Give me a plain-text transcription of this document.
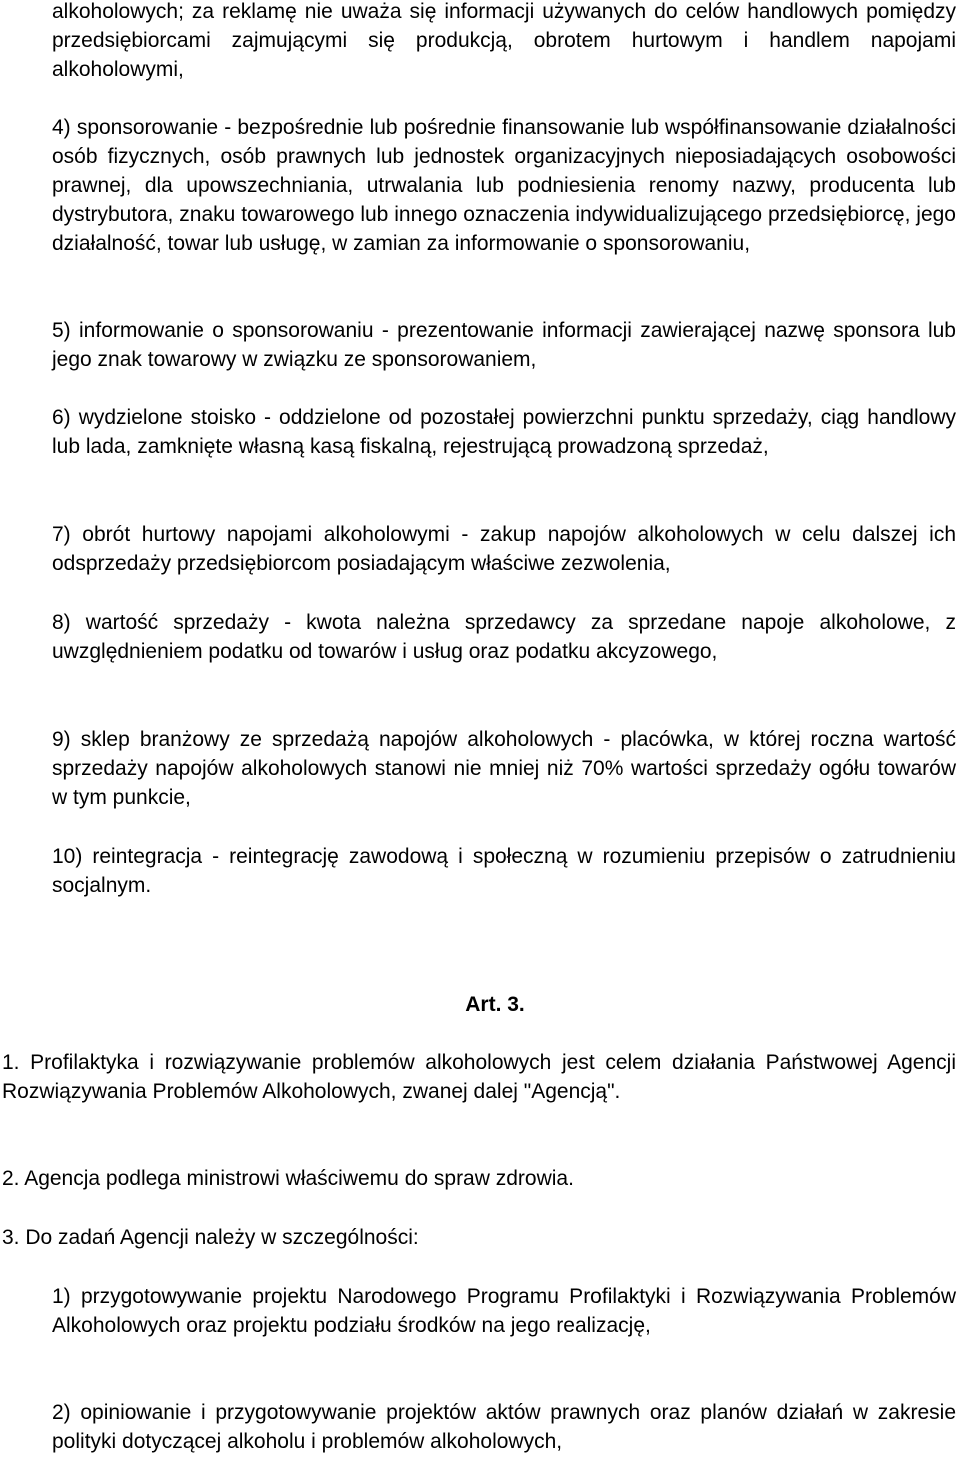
alkoholowych; za reklamę nie uważa się informacji używanych do celów handlowych pomiędzy przedsiębiorcami zajmującymi się produkcją, obrotem hurtowym i handlem napojami alkoholowymi,

4) sponsorowanie - bezpośrednie lub pośrednie finansowanie lub współfinansowanie działalności osób fizycznych, osób prawnych lub jednostek organizacyjnych nieposiadających osobowości prawnej, dla upowszechniania, utrwalania lub podniesienia renomy nazwy, producenta lub dystrybutora, znaku towarowego lub innego oznaczenia indywidualizującego przedsiębiorcę, jego działalność, towar lub usługę, w zamian za informowanie o sponsorowaniu,

5) informowanie o sponsorowaniu - prezentowanie informacji zawierającej nazwę sponsora lub jego znak towarowy w związku ze sponsorowaniem,

6) wydzielone stoisko - oddzielone od pozostałej powierzchni punktu sprzedaży, ciąg handlowy lub lada, zamknięte własną kasą fiskalną, rejestrującą prowadzoną sprzedaż,

7) obrót hurtowy napojami alkoholowymi - zakup napojów alkoholowych w celu dalszej ich odsprzedaży przedsiębiorcom posiadającym właściwe zezwolenia,

8) wartość sprzedaży - kwota należna sprzedawcy za sprzedane napoje alkoholowe, z uwzględnieniem podatku od towarów i usług oraz podatku akcyzowego,

9) sklep branżowy ze sprzedażą napojów alkoholowych - placówka, w której roczna wartość sprzedaży napojów alkoholowych stanowi nie mniej niż 70% wartości sprzedaży ogółu towarów w tym punkcie,

10) reintegracja - reintegrację zawodową i społeczną w rozumieniu przepisów o zatrudnieniu socjalnym.

Art. 3.

1. Profilaktyka i rozwiązywanie problemów alkoholowych jest celem działania Państwowej Agencji Rozwiązywania Problemów Alkoholowych, zwanej dalej "Agencją".

2. Agencja podlega ministrowi właściwemu do spraw zdrowia.

3. Do zadań Agencji należy w szczególności:

1) przygotowywanie projektu Narodowego Programu Profilaktyki i Rozwiązywania Problemów Alkoholowych oraz projektu podziału środków na jego realizację,

2) opiniowanie i przygotowywanie projektów aktów prawnych oraz planów działań w zakresie polityki dotyczącej alkoholu i problemów alkoholowych,
